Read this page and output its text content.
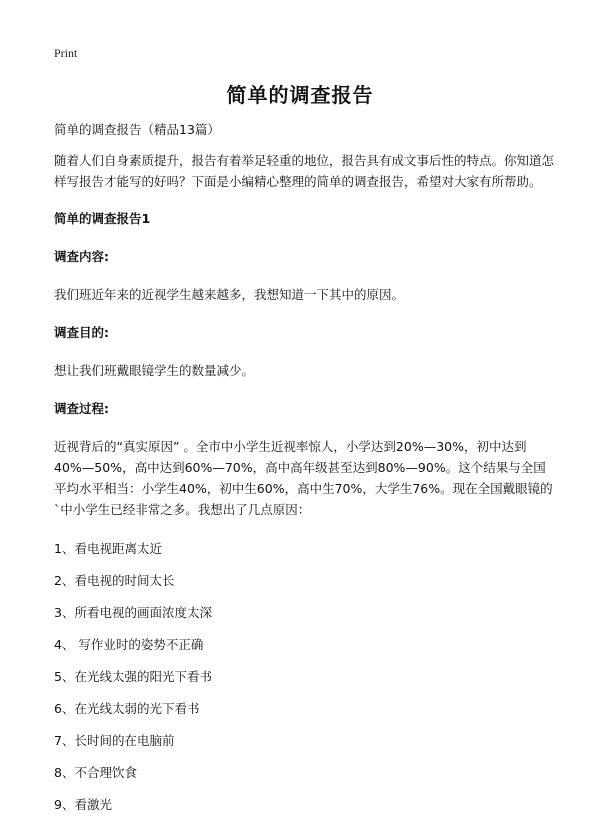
Print
简单的调查报告

简单的调查报告（精品13篇）

随着人们自身素质提升，报告有着举足轻重的地位，报告具有成文事后性的特点。你知道怎样写报告才能写的好吗？下面是小编精心整理的简单的调查报告，希望对大家有所帮助。

简单的调查报告1

调查内容:

我们班近年来的近视学生越来越多，我想知道一下其中的原因。

调查目的:

想让我们班戴眼镜学生的数量减少。

调查过程:

近视背后的“真实原因” 。全市中小学生近视率惊人，小学达到20%—30%，初中达到40%—50%，高中达到60%—70%，高中高年级甚至达到80%—90%。这个结果与全国平均水平相当：小学生40%，初中生60%，高中生70%，大学生76%。现在全国戴眼镜的`中小学生已经非常之多。我想出了几点原因：

1、看电视距离太近

2、看电视的时间太长

3、所看电视的画面浓度太深

4、 写作业时的姿势不正确

5、在光线太强的阳光下看书

6、在光线太弱的光下看书

7、长时间的在电脑前

8、不合理饮食

9、看激光
